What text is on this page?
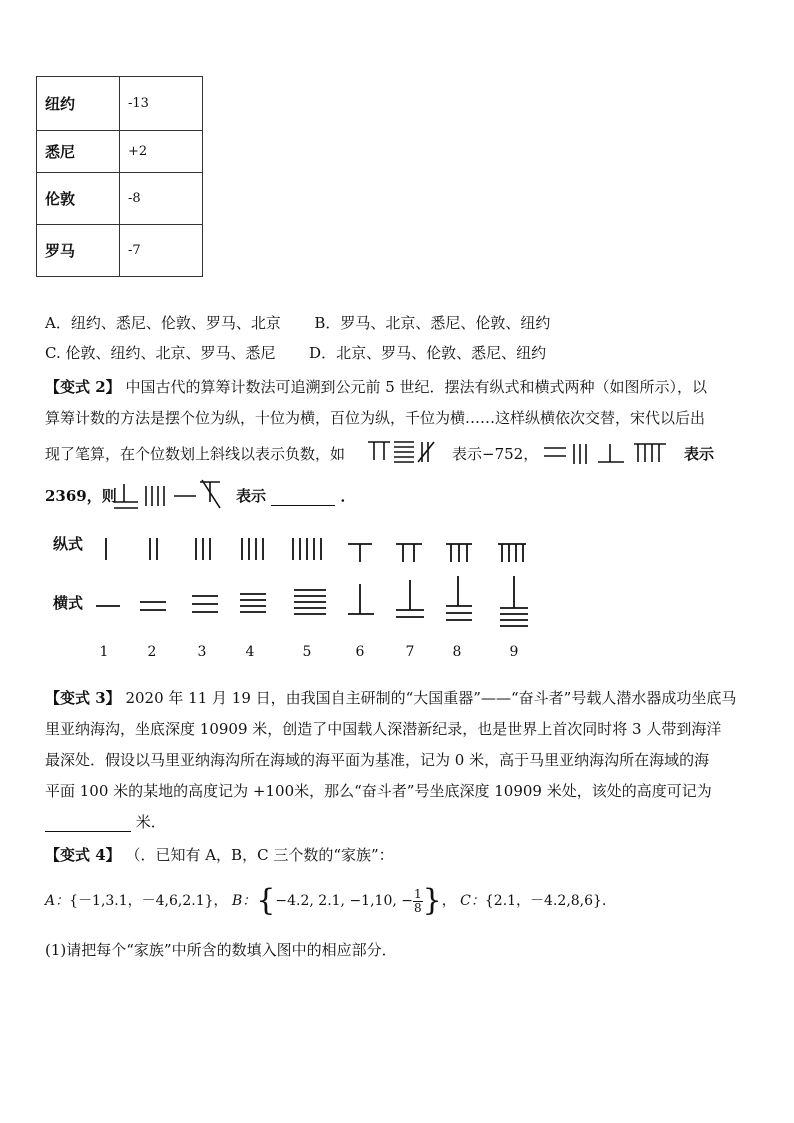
纽约	-13
悉尼	+2
伦敦	-8
罗马	-7
A．纽约、悉尼、伦敦、罗马、北京 B．罗马、北京、悉尼、伦敦、纽约
C. 伦敦、纽约、北京、罗马、悉尼 D．北京、罗马、伦敦、悉尼、纽约
【变式 2】 中国古代的算筹计数法可追溯到公元前 5 世纪．摆法有纵式和横式两种（如图所示），以
算筹计数的方法是摆个位为纵，十位为横，百位为纵，千位为横……这样纵横依次交替，宋代以后出
现了笔算，在个位数划上斜线以表示负数，如	表示−752，	表示
2369，则	表示	．
纵式
横式
1	2	3	4	5	6	7	8	9
【变式 3】 2020 年 11 月 19 日，由我国自主研制的“大国重器”——“奋斗者”号载人潜水器成功坐底马
里亚纳海沟，坐底深度 10909 米，创造了中国载人深潜新纪录，也是世界上首次同时将 3 人带到海洋
最深处．假设以马里亚纳海沟所在海域的海平面为基准，记为 0 米，高于马里亚纳海沟所在海域的海
平面 100 米的某地的高度记为 +100米，那么“奋斗者”号坐底深度 10909 米处，该处的高度可记为
米．
【变式 4】 （．已知有 A，B，C 三个数的“家族”：
A：{－1,3.1，－4,6,2.1}， B：{−4.2, 2.1, −1,10, − $\frac{1}{8}$ }， C：{2.1，－4.2,8,6}．
(1)请把每个“家族”中所含的数填入图中的相应部分．
